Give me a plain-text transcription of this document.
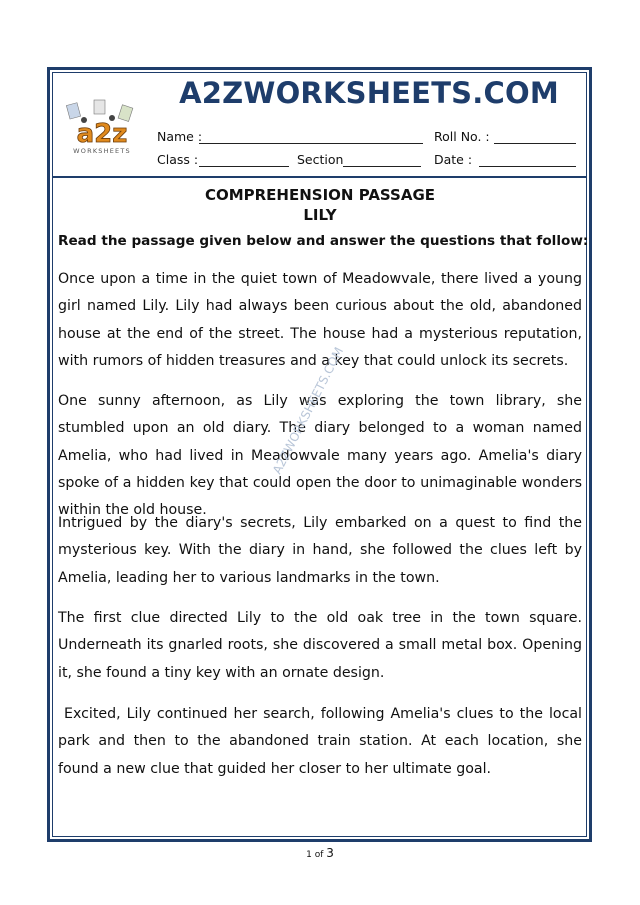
a2z
WORKSHEETS
A2ZWORKSHEETS.COM
Name :	Roll No. :
Class :	Section	Date :
COMPREHENSION PASSAGE
LILY
Read the passage given below and answer the questions that follow:

Once upon a time in the quiet town of Meadowvale, there lived a young girl named Lily. Lily had always been curious about the old, abandoned house at the end of the street. The house had a mysterious reputation, with rumors of hidden treasures and a key that could unlock its secrets.

One sunny afternoon, as Lily was exploring the town library, she stumbled upon an old diary. The diary belonged to a woman named Amelia, who had lived in Meadowvale many years ago. Amelia's diary spoke of a hidden key that could open the door to unimaginable wonders within the old house.

Intrigued by the diary's secrets, Lily embarked on a quest to find the mysterious key. With the diary in hand, she followed the clues left by Amelia, leading her to various landmarks in the town.

The first clue directed Lily to the old oak tree in the town square. Underneath its gnarled roots, she discovered a small metal box. Opening it, she found a tiny key with an ornate design.

Excited, Lily continued her search, following Amelia's clues to the local park and then to the abandoned train station. At each location, she found a new clue that guided her closer to her ultimate goal.

A2ZWORKSHEETS.COM
1 of 3
